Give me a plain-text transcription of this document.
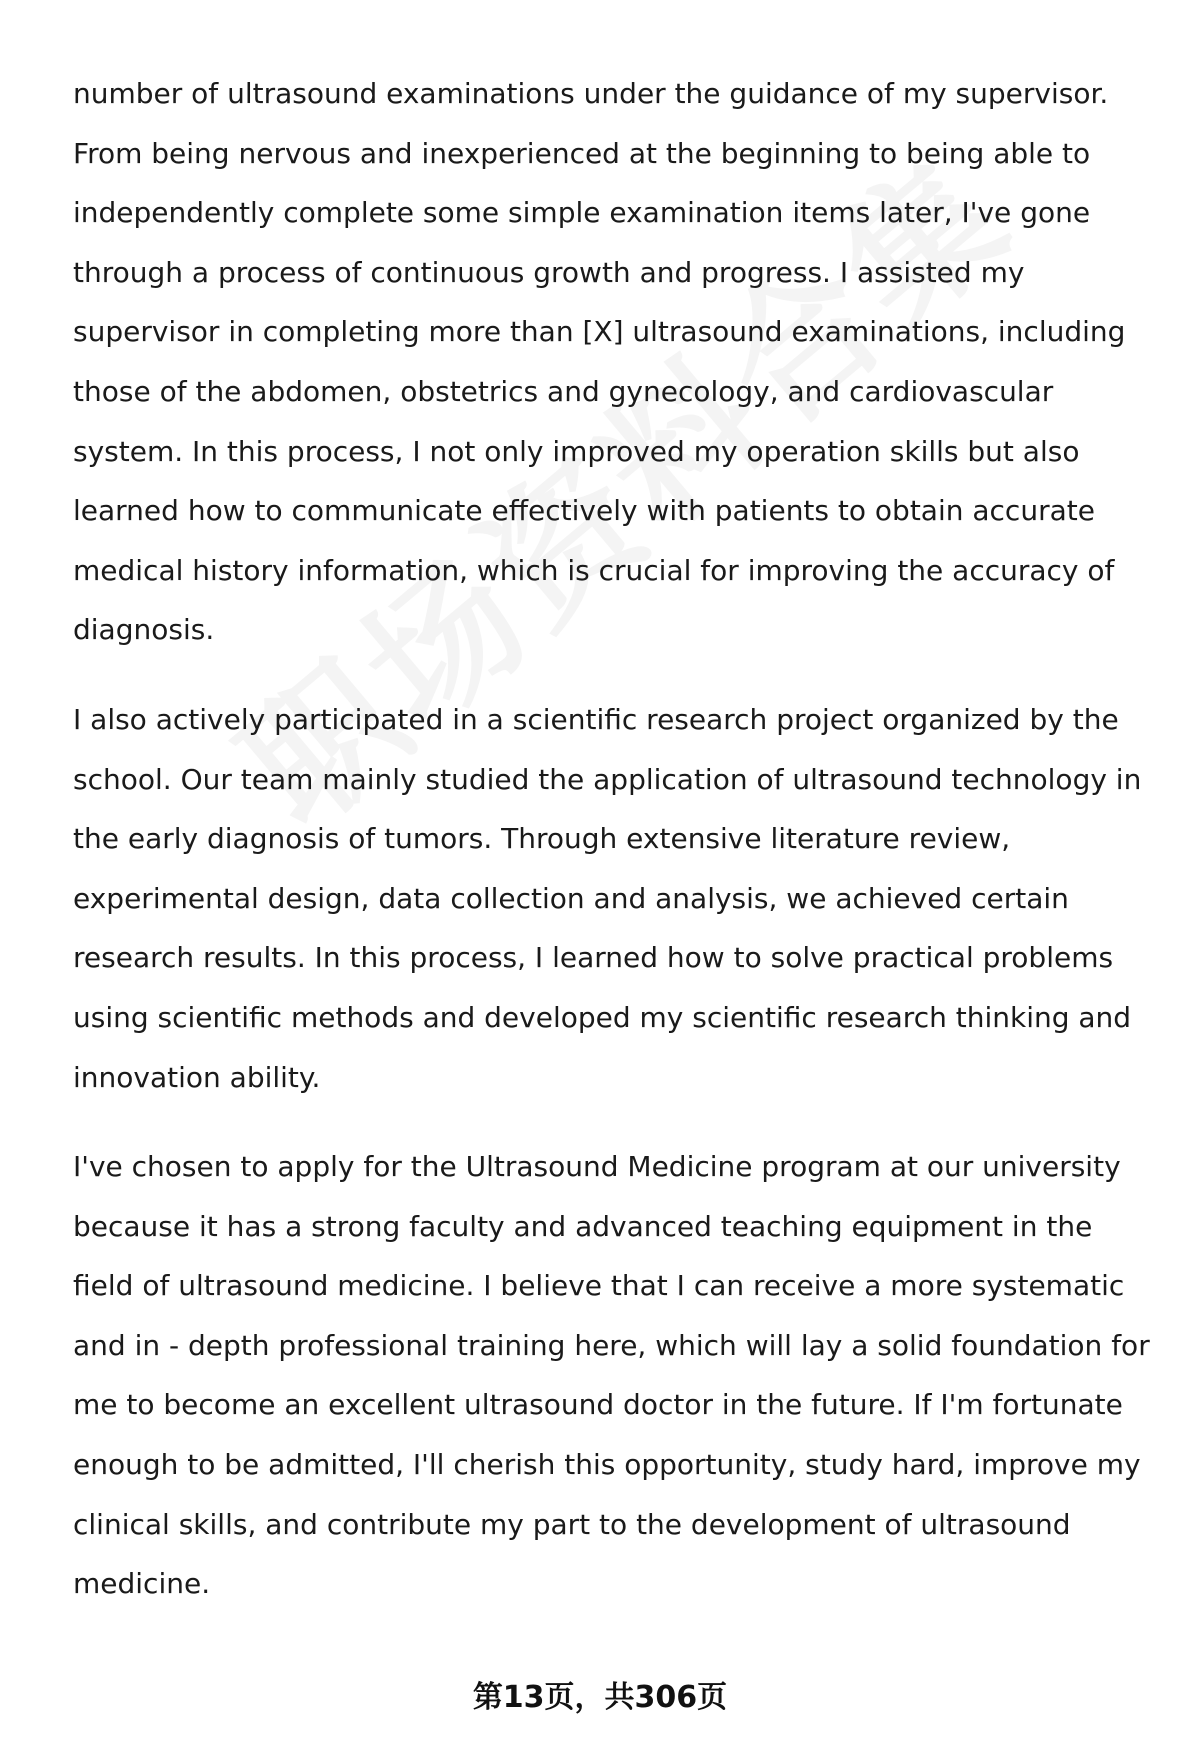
number of ultrasound examinations under the guidance of my supervisor. From being nervous and inexperienced at the beginning to being able to independently complete some simple examination items later, I've gone through a process of continuous growth and progress. I assisted my supervisor in completing more than [X] ultrasound examinations, including those of the abdomen, obstetrics and gynecology, and cardiovascular system. In this process, I not only improved my operation skills but also learned how to communicate effectively with patients to obtain accurate medical history information, which is crucial for improving the accuracy of diagnosis.

I also actively participated in a scientific research project organized by the school. Our team mainly studied the application of ultrasound technology in the early diagnosis of tumors. Through extensive literature review, experimental design, data collection and analysis, we achieved certain research results. In this process, I learned how to solve practical problems using scientific methods and developed my scientific research thinking and innovation ability.

I've chosen to apply for the Ultrasound Medicine program at our university because it has a strong faculty and advanced teaching equipment in the field of ultrasound medicine. I believe that I can receive a more systematic and in - depth professional training here, which will lay a solid foundation for me to become an excellent ultrasound doctor in the future. If I'm fortunate enough to be admitted, I'll cherish this opportunity, study hard, improve my clinical skills, and contribute my part to the development of ultrasound medicine.

第13页，共306页
